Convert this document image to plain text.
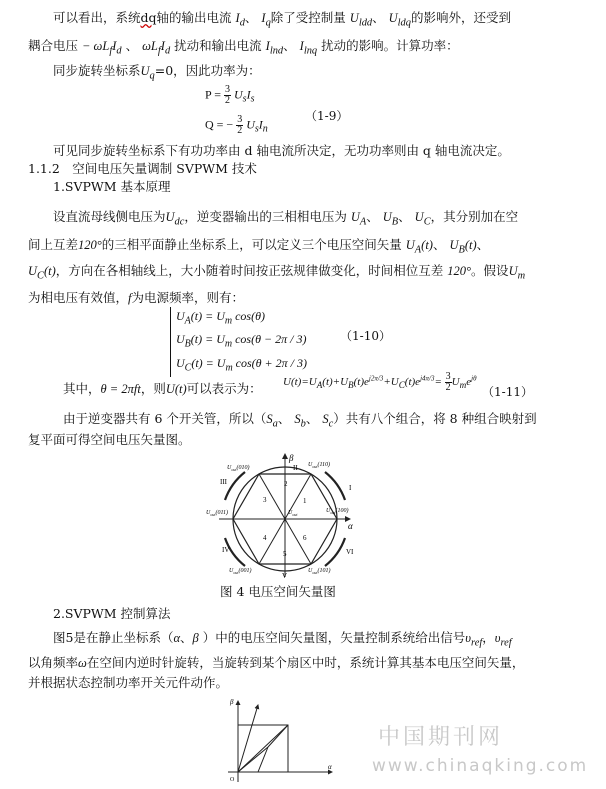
可以看出，系统dq轴的输出电流 $I_d$、 $I_q$除了受控制量 $U_{ldd}$、 $U_{ldq}$的影响外，还受到
耦合电压 − $\omega L_fI_d$ 、 $\omega L_fI_d$ 扰动和输出电流 $I_{lnd}$、 $I_{lnq}$ 扰动的影响。计算功率：
同步旋转坐标系$U_q=0$，因此功率为：
$P = \frac{3}{2} U_sI_s$
Q = − $\frac{3}{2} U_sI_n$
（1-9）
可见同步旋转坐标系下有功功率由 d 轴电流所决定，无功功率则由 q 轴电流决定。
1.1.2　空间电压矢量调制 SVPWM 技术
1.SVPWM 基本原理
设直流母线侧电压为$U_{dc}$，逆变器输出的三相相电压为 $U_A$、 $U_B$、 $U_C$，其分别加在空
间上互差120°的三相平面静止坐标系上，可以定义三个电压空间矢量 $U_A(t)$、 $U_B(t)$、
$U_C(t)$，方向在各相轴线上，大小随着时间按正弦规律做变化，时间相位互差 120°。假设$U_m$
为相电压有效值，f为电源频率，则有：
$U_A(t) = U_m$ cos(θ)
$U_B(t) = U_m$ cos(θ − 2π / 3)
$U_C(t) = U_m$ cos(θ + 2π / 3)
（1-10）
其中，θ = 2πft，则U(t)可以表示为： $U(t)=U_A(t)+U_B(t)e^{j2\pi/3}+U_C(t)e^{j4\pi/3}= \frac{3}{2} U_me^{j\theta}$
（1-11）
由于逆变器共有 6 个开关管，所以（$S_a$、 $S_b$、 $S_c$）共有八个组合，将 8 种组合映射到
复平面可得空间电压矢量图。
β
α
1
2
3
4
5
6
I
II
III
IV
V
VI
$U_{out}(010)$	$U_{out}(110)$
$U_{out}(100)$
$U_{out}(011)$
$U_{out}(001)$	$U_{out}(101)$
$U_{out}$
图 4 电压空间矢量图
2.SVPWM 控制算法
图5是在静止坐标系（α、β ）中的电压空间矢量图，矢量控制系统给出信号$\upsilon_{ref}$，$\upsilon_{ref}$
以角频率ω在空间内逆时针旋转，当旋转到某个扇区中时，系统计算其基本电压空间矢量，
并根据状态控制功率开关元件动作。
β
α
O
中国期刊网
www.chinaqking.com
